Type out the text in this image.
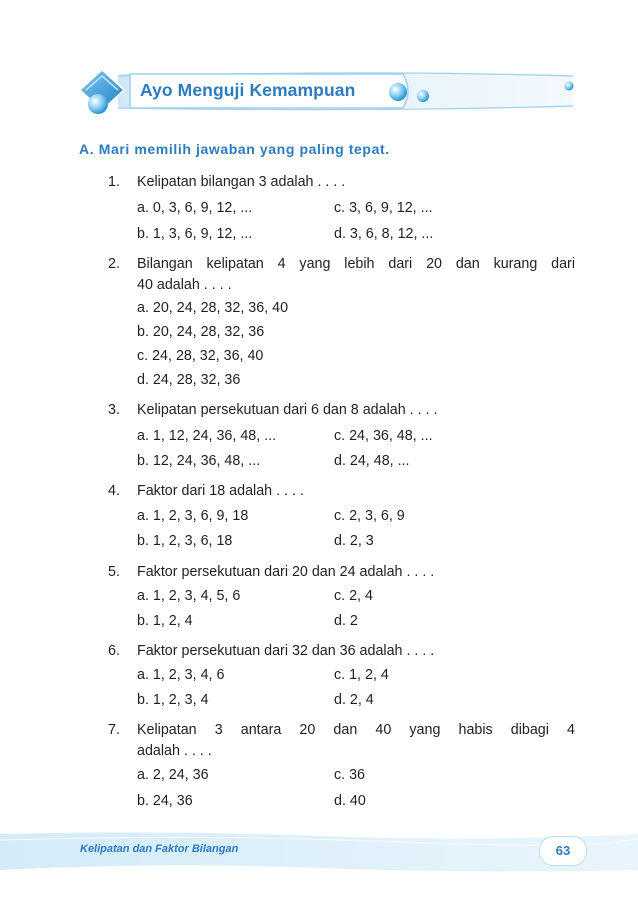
Ayo Menguji Kemampuan
A. Mari memilih jawaban yang paling tepat.
1. Kelipatan bilangan 3 adalah . . . .
a. 0, 3, 6, 9, 12, ...	c. 3, 6, 9, 12, ...
b. 1, 3, 6, 9, 12, ...	d. 3, 6, 8, 12, ...
2. Bilangan kelipatan 4 yang lebih dari 20 dan kurang dari
40 adalah . . . .
a. 20, 24, 28, 32, 36, 40
b. 20, 24, 28, 32, 36
c. 24, 28, 32, 36, 40
d. 24, 28, 32, 36
3. Kelipatan persekutuan dari 6 dan 8 adalah . . . .
a. 1, 12, 24, 36, 48, ...	c. 24, 36, 48, ...
b. 12, 24, 36, 48, ...	d. 24, 48, ...
4. Faktor dari 18 adalah . . . .
a. 1, 2, 3, 6, 9, 18	c. 2, 3, 6, 9
b. 1, 2, 3, 6, 18	d. 2, 3
5. Faktor persekutuan dari 20 dan 24 adalah . . . .
a. 1, 2, 3, 4, 5, 6	c. 2, 4
b. 1, 2, 4	d. 2
6. Faktor persekutuan dari 32 dan 36 adalah . . . .
a. 1, 2, 3, 4, 6	c. 1, 2, 4
b. 1, 2, 3, 4	d. 2, 4
7. Kelipatan 3 antara 20 dan 40 yang habis dibagi 4
adalah . . . .
a. 2, 24, 36	c. 36
b. 24, 36	d. 40
Kelipatan dan Faktor Bilangan	63
